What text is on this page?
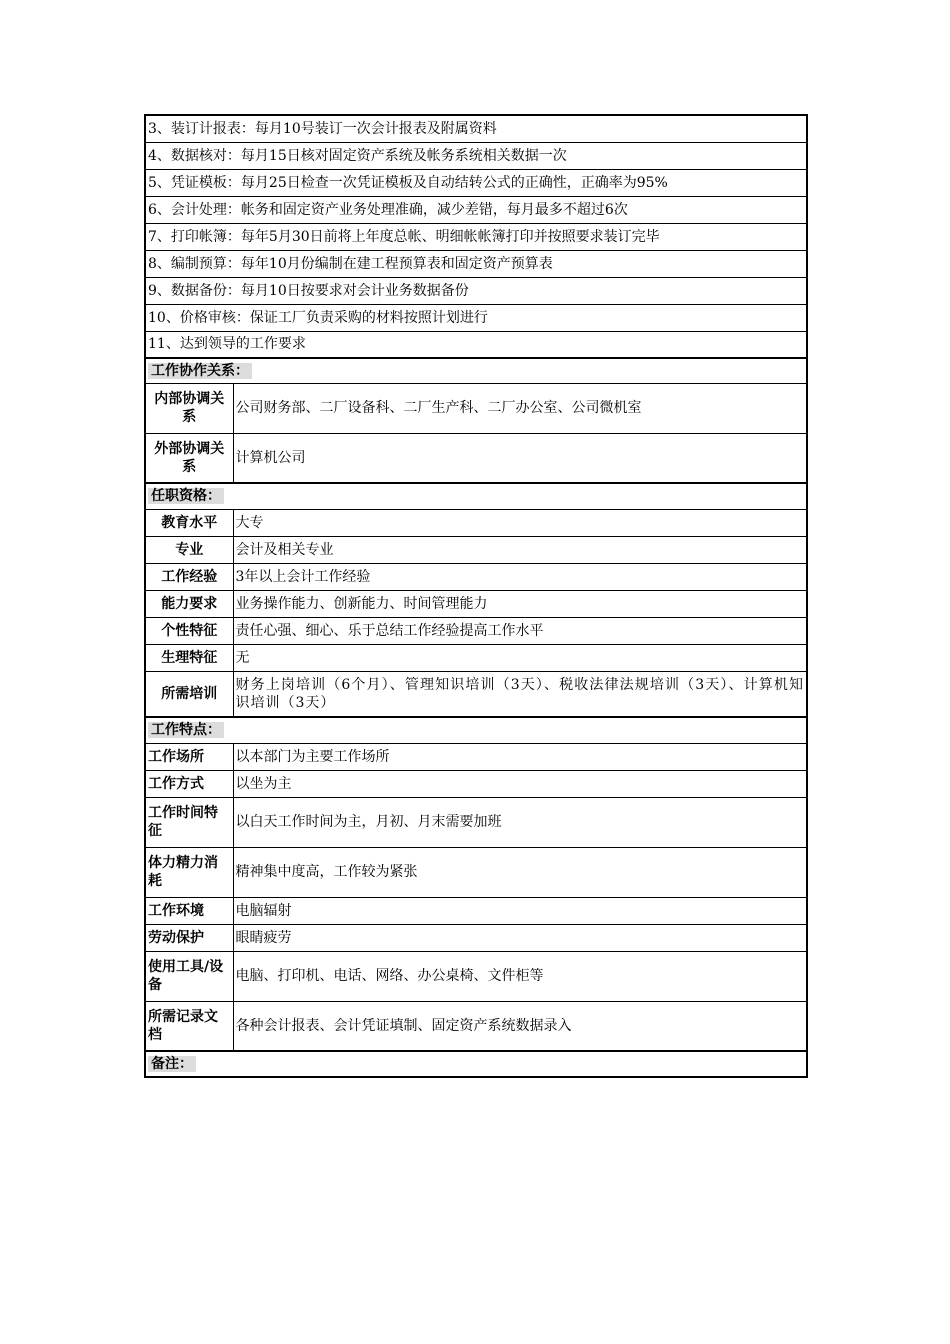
3、装订计报表：每月10号装订一次会计报表及附属资料	
4、数据核对：每月15日核对固定资产系统及帐务系统相关数据一次	
5、凭证模板：每月25日检查一次凭证模板及自动结转公式的正确性，正确率为95%	
6、会计处理：帐务和固定资产业务处理准确，减少差错，每月最多不超过6次	
7、打印帐簿：每年5月30日前将上年度总帐、明细帐帐簿打印并按照要求装订完毕	
8、编制预算：每年10月份编制在建工程预算表和固定资产预算表	
9、数据备份：每月10日按要求对会计业务数据备份	
10、价格审核：保证工厂负责采购的材料按照计划进行	
11、达到领导的工作要求	
工作协作关系：	
内部协调关系	公司财务部、二厂设备科、二厂生产科、二厂办公室、公司微机室
外部协调关系	计算机公司
任职资格：	
教育水平	大专
专业	会计及相关专业
工作经验	3年以上会计工作经验
能力要求	业务操作能力、创新能力、时间管理能力
个性特征	责任心强、细心、乐于总结工作经验提高工作水平
生理特征	无
所需培训	财务上岗培训（6个月）、管理知识培训（3天）、税收法律法规培训（3天）、计算机知识培训（3天）
工作特点：	
工作场所	以本部门为主要工作场所
工作方式	以坐为主
工作时间特征	以白天工作时间为主，月初、月末需要加班
体力精力消耗	精神集中度高，工作较为紧张
工作环境	电脑辐射
劳动保护	眼睛疲劳
使用工具/设备	电脑、打印机、电话、网络、办公桌椅、文件柜等
所需记录文档	各种会计报表、会计凭证填制、固定资产系统数据录入
备注：	
